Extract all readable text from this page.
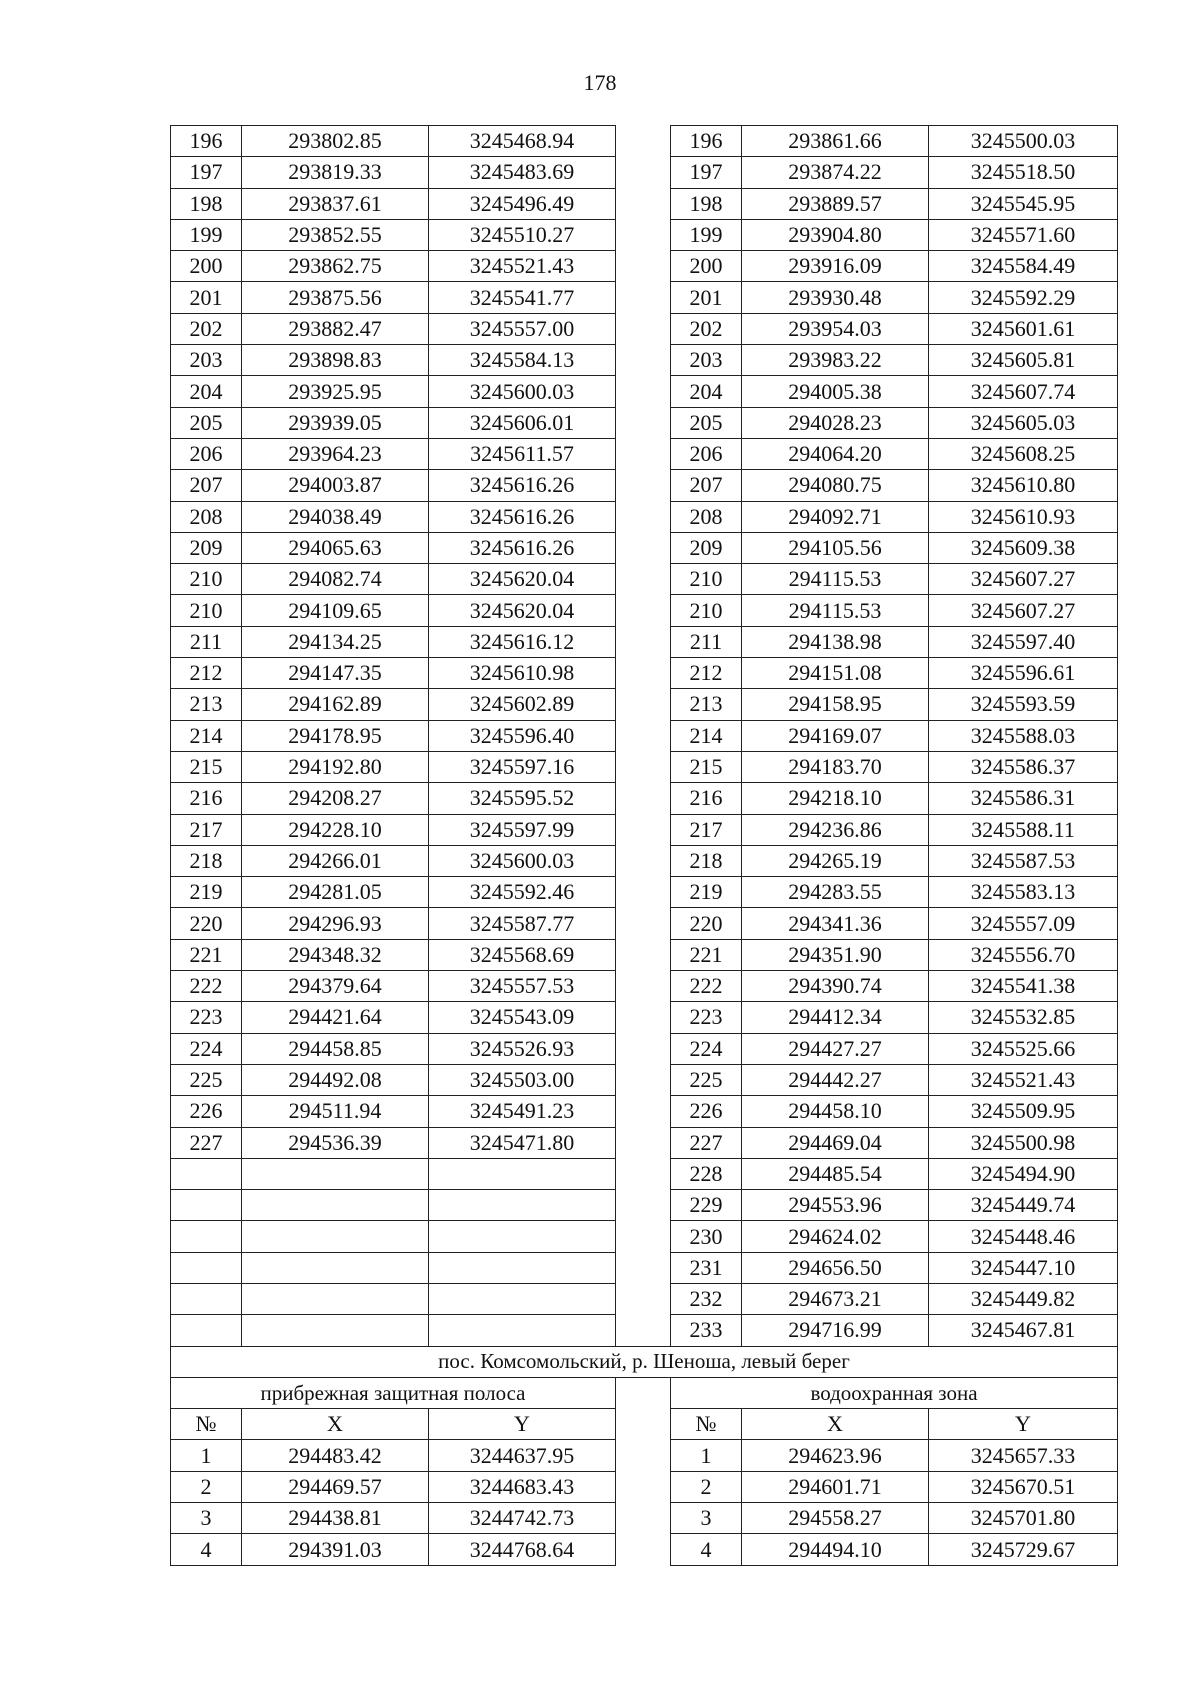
178
196	293802.85	3245468.94		196	293861.66	3245500.03
197	293819.33	3245483.69		197	293874.22	3245518.50
198	293837.61	3245496.49		198	293889.57	3245545.95
199	293852.55	3245510.27		199	293904.80	3245571.60
200	293862.75	3245521.43		200	293916.09	3245584.49
201	293875.56	3245541.77		201	293930.48	3245592.29
202	293882.47	3245557.00		202	293954.03	3245601.61
203	293898.83	3245584.13		203	293983.22	3245605.81
204	293925.95	3245600.03		204	294005.38	3245607.74
205	293939.05	3245606.01		205	294028.23	3245605.03
206	293964.23	3245611.57		206	294064.20	3245608.25
207	294003.87	3245616.26		207	294080.75	3245610.80
208	294038.49	3245616.26		208	294092.71	3245610.93
209	294065.63	3245616.26		209	294105.56	3245609.38
210	294082.74	3245620.04		210	294115.53	3245607.27
210	294109.65	3245620.04		210	294115.53	3245607.27
211	294134.25	3245616.12		211	294138.98	3245597.40
212	294147.35	3245610.98		212	294151.08	3245596.61
213	294162.89	3245602.89		213	294158.95	3245593.59
214	294178.95	3245596.40		214	294169.07	3245588.03
215	294192.80	3245597.16		215	294183.70	3245586.37
216	294208.27	3245595.52		216	294218.10	3245586.31
217	294228.10	3245597.99		217	294236.86	3245588.11
218	294266.01	3245600.03		218	294265.19	3245587.53
219	294281.05	3245592.46		219	294283.55	3245583.13
220	294296.93	3245587.77		220	294341.36	3245557.09
221	294348.32	3245568.69		221	294351.90	3245556.70
222	294379.64	3245557.53		222	294390.74	3245541.38
223	294421.64	3245543.09		223	294412.34	3245532.85
224	294458.85	3245526.93		224	294427.27	3245525.66
225	294492.08	3245503.00		225	294442.27	3245521.43
226	294511.94	3245491.23		226	294458.10	3245509.95
227	294536.39	3245471.80		227	294469.04	3245500.98
				228	294485.54	3245494.90
				229	294553.96	3245449.74
				230	294624.02	3245448.46
				231	294656.50	3245447.10
				232	294673.21	3245449.82
				233	294716.99	3245467.81
пос. Комсомольский, р. Шеноша, левый берег						
прибрежная защитная полоса				водоохранная зона		
№	X	Y		№	X	Y
1	294483.42	3244637.95		1	294623.96	3245657.33
2	294469.57	3244683.43		2	294601.71	3245670.51
3	294438.81	3244742.73		3	294558.27	3245701.80
4	294391.03	3244768.64		4	294494.10	3245729.67
